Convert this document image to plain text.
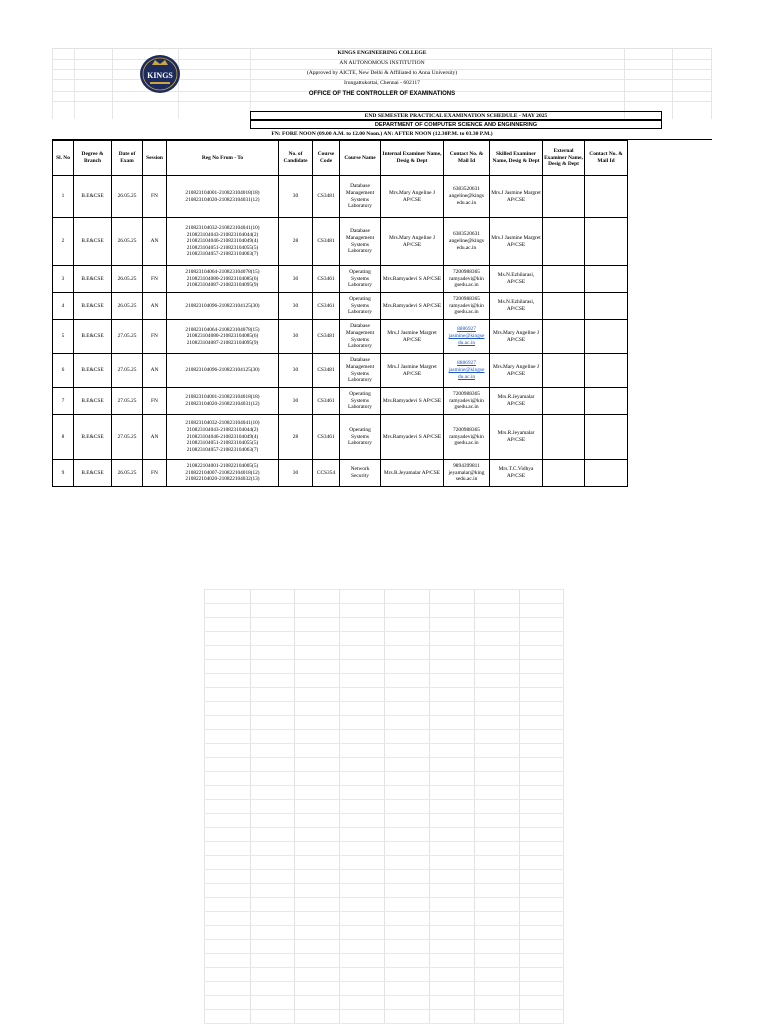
KINGS
KINGS ENGINEERING COLLEGE
AN AUTONOMOUS INSTITUTION
(Approved by AICTE, New Delhi & Affiliated to Anna University)
Irungattukottai, Chennai - 602117
OFFICE OF THE CONTROLLER OF EXAMINATIONS
END SEMESTER PRACTICAL EXAMINATION SCHEDULE - MAY 2025
DEPARTMENT OF COMPUTER SCIENCE AND ENGINNERING
FN: FORE NOON (09.00 A.M. to 12.00 Noon.) AN: AFTER NOON (12.30P.M. to 03.30 P.M.)
Sl. No	Degree & Branch	Date of Exam	Session	Reg No From - To	No. of Candidate	Course Code	Course Name	Internal Examiner Name, Desig & Dept	Contact No. & Mail Id	Skilled Examiner Name, Desig & Dept	External Examiner Name, Desig & Dept	Contact No. & Mail Id
1	B.E&CSE	26.05.25	FN	210823104001-210823104018(18)
210823104020-210823104031(12)	30	CS3481	Database Management Systems Laboratory	Mrs.Mary Angeline J AP/CSE	6383520631 angeline@kings edu.ac.in	Mrs.J Jasmine Margret AP/CSE		
2	B.E&CSE	26.05.25	AN	210823104032-210823104041(10)
210823104043-210823104044(2)
210823104046-210823104049(4)
210823104051-210823104055(5)
210823104057-210823104063(7)	28	CS3481	Database Management Systems Laboratory	Mrs.Mary Angeline J AP/CSE	6383520631 angeline@kings edu.ac.in	Mrs.J Jasmine Margret AP/CSE		
3	B.E&CSE	26.05.25	FN	210823104064-210823104078(15)
210823104080-210823104085(6)
210823104087-210823104095(9)	30	CS3461	Operating Systems Laboratory	Mrs.Ramyadevi S AP/CSE	7200988365 ramyadevi@kin gsedu.ac.in	Ms.N.Ezhilarasi, AP/CSE		
4	B.E&CSE	26.05.25	AN	210823104096-210823104125(30)	30	CS3461	Operating Systems Laboratory	Mrs.Ramyadevi S AP/CSE	7200988365 ramyadevi@kin gsedu.ac.in	Ms.N.Ezhilarasi, AP/CSE		
5	B.E&CSE	27.05.25	FN	210823104064-210823104078(15)
210823104080-210823104085(6)
210823104087-210823104095(9)	30	CS3481	Database Management Systems Laboratory	Mrs.J Jasmine Margret AP/CSE	8886927 jasmine@kingse du.ac.in	Mrs.Mary Angeline J AP/CSE		
6	B.E&CSE	27.05.25	AN	210823104096-210823104125(30)	30	CS3481	Database Management Systems Laboratory	Mrs.J Jasmine Margret AP/CSE	8886927 jasmine@kingse du.ac.in	Mrs.Mary Angeline J AP/CSE		
7	B.E&CSE	27.05.25	FN	210823104001-210823104018(18)
210823104020-210823104031(12)	30	CS3461	Operating Systems Laboratory	Mrs.Ramyadevi S AP/CSE	7200988365 ramyadevi@kin gsedu.ac.in	Mrs.R.Jeyamalar AP/CSE		
8	B.E&CSE	27.05.25	AN	210823104032-210823104041(10)
210823104043-210823104044(2)
210823104046-210823104049(4)
210823104051-210823104055(5)
210823104057-210823104063(7)	28	CS3461	Operating Systems Laboratory	Mrs.Ramyadevi S AP/CSE	7200988365 ramyadevi@kin gsedu.ac.in	Mrs.R.Jeyamalar AP/CSE		
9	B.E&CSE	26.05.25	FN	210822104001-210822104005(5)
210822104007-210822104018(12)
210822104020-210822104032(13)	30	CCS354	Network Security	Mrs.R.Jeyamalar AP/CSE	9894399811 jeyamalar@king sedu.ac.in	Mrs.T.C.Vidhya AP/CSE		
